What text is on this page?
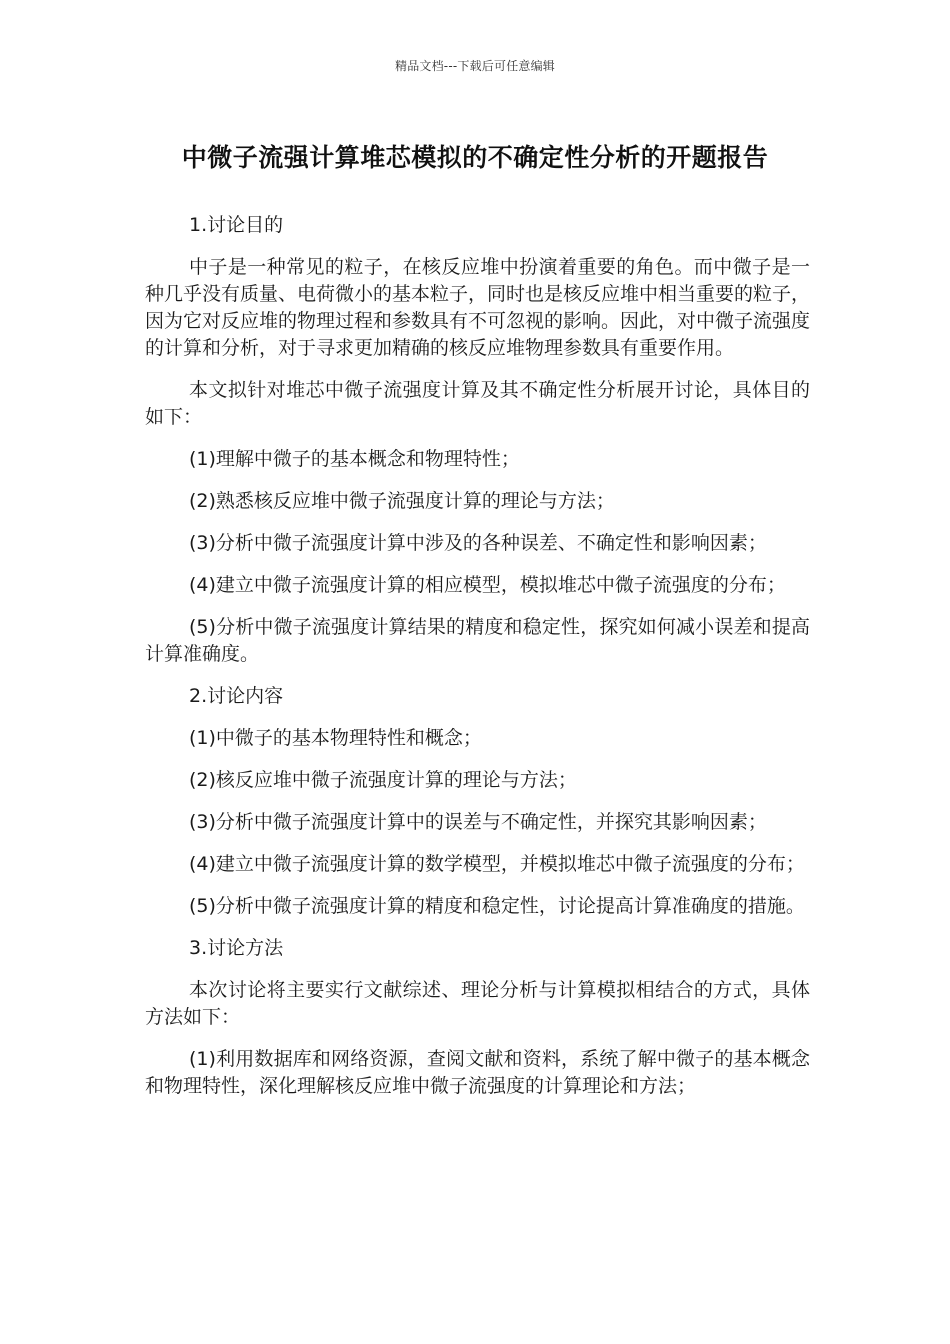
精品文档---下载后可任意编辑
中微子流强计算堆芯模拟的不确定性分析的开题报告

1.讨论目的

中子是一种常见的粒子，在核反应堆中扮演着重要的角色。而中微子是一种几乎没有质量、电荷微小的基本粒子，同时也是核反应堆中相当重要的粒子，因为它对反应堆的物理过程和参数具有不可忽视的影响。因此，对中微子流强度的计算和分析，对于寻求更加精确的核反应堆物理参数具有重要作用。

本文拟针对堆芯中微子流强度计算及其不确定性分析展开讨论，具体目的如下：

(1)理解中微子的基本概念和物理特性；

(2)熟悉核反应堆中微子流强度计算的理论与方法；

(3)分析中微子流强度计算中涉及的各种误差、不确定性和影响因素；

(4)建立中微子流强度计算的相应模型，模拟堆芯中微子流强度的分布；

(5)分析中微子流强度计算结果的精度和稳定性，探究如何减小误差和提高计算准确度。

2.讨论内容

(1)中微子的基本物理特性和概念；

(2)核反应堆中微子流强度计算的理论与方法；

(3)分析中微子流强度计算中的误差与不确定性，并探究其影响因素；

(4)建立中微子流强度计算的数学模型，并模拟堆芯中微子流强度的分布；

(5)分析中微子流强度计算的精度和稳定性，讨论提高计算准确度的措施。

3.讨论方法

本次讨论将主要实行文献综述、理论分析与计算模拟相结合的方式，具体方法如下：

(1)利用数据库和网络资源，查阅文献和资料，系统了解中微子的基本概念和物理特性，深化理解核反应堆中微子流强度的计算理论和方法；
